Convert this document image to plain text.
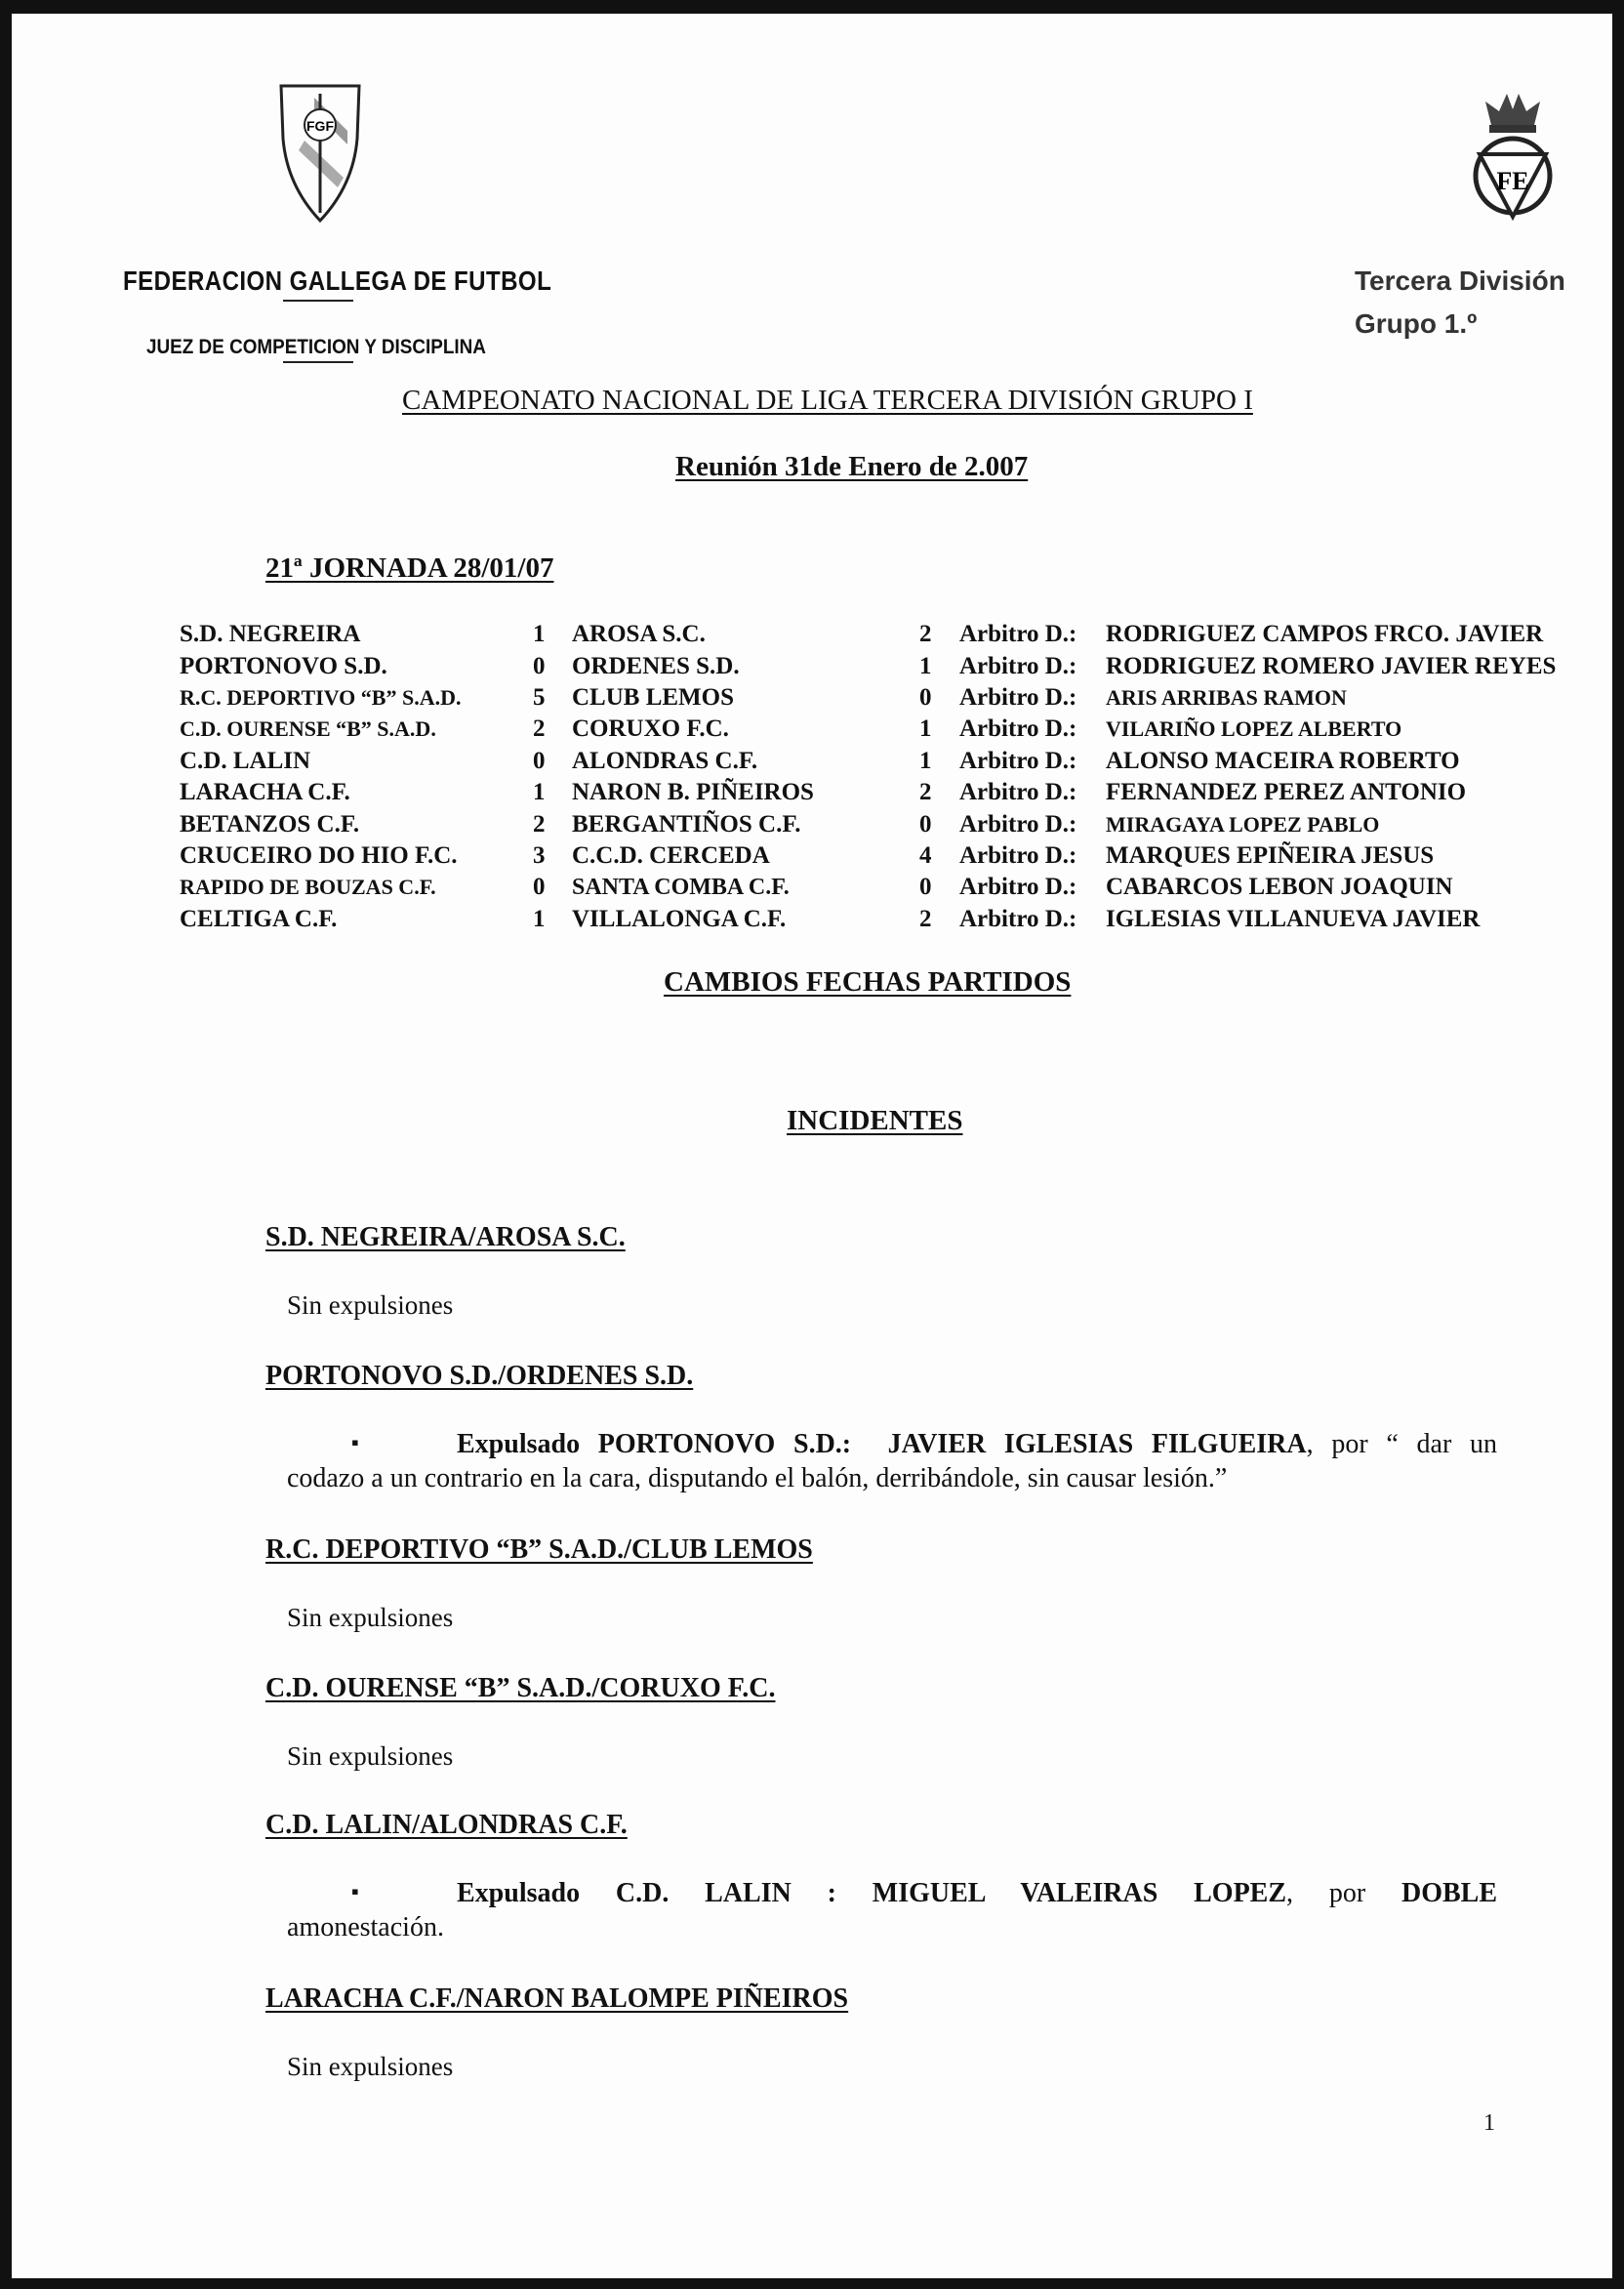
FGF
FEDERACION GALLEGA DE FUTBOL
JUEZ DE COMPETICION Y DISCIPLINA
FE
Tercera División
Grupo 1.º
CAMPEONATO NACIONAL DE LIGA TERCERA DIVISIÓN GRUPO I
Reunión 31de Enero de 2.007
21ª JORNADA 28/01/07
S.D. NEGREIRA	1	AROSA S.C.	2	Arbitro D.:	RODRIGUEZ CAMPOS FRCO. JAVIER
PORTONOVO S.D.	0	ORDENES S.D.	1	Arbitro D.:	RODRIGUEZ ROMERO JAVIER REYES
R.C. DEPORTIVO “B” S.A.D.	5	CLUB LEMOS	0	Arbitro D.:	ARIS ARRIBAS RAMON
C.D. OURENSE “B” S.A.D.	2	CORUXO F.C.	1	Arbitro D.:	VILARIÑO LOPEZ ALBERTO
C.D. LALIN	0	ALONDRAS C.F.	1	Arbitro D.:	ALONSO MACEIRA ROBERTO
LARACHA C.F.	1	NARON B. PIÑEIROS	2	Arbitro D.:	FERNANDEZ PEREZ ANTONIO
BETANZOS C.F.	2	BERGANTIÑOS C.F.	0	Arbitro D.:	MIRAGAYA LOPEZ PABLO
CRUCEIRO DO HIO F.C.	3	C.C.D. CERCEDA	4	Arbitro D.:	MARQUES EPIÑEIRA JESUS
RAPIDO DE BOUZAS C.F.	0	SANTA COMBA C.F.	0	Arbitro D.:	CABARCOS LEBON JOAQUIN
CELTIGA C.F.	1	VILLALONGA C.F.	2	Arbitro D.:	IGLESIAS VILLANUEVA JAVIER
CAMBIOS FECHAS PARTIDOS
INCIDENTES
S.D. NEGREIRA/AROSA S.C.
Sin expulsiones
PORTONOVO S.D./ORDENES S.D.
▪	Expulsado PORTONOVO S.D.: JAVIER IGLESIAS FILGUEIRA, por “ dar un
codazo a un contrario en la cara, disputando el balón, derribándole, sin causar lesión.”
R.C. DEPORTIVO “B” S.A.D./CLUB LEMOS
Sin expulsiones
C.D. OURENSE “B” S.A.D./CORUXO F.C.
Sin expulsiones
C.D. LALIN/ALONDRAS C.F.
▪	Expulsado C.D. LALIN : MIGUEL VALEIRAS LOPEZ, por DOBLE
amonestación.
LARACHA C.F./NARON BALOMPE PIÑEIROS
Sin expulsiones
1
